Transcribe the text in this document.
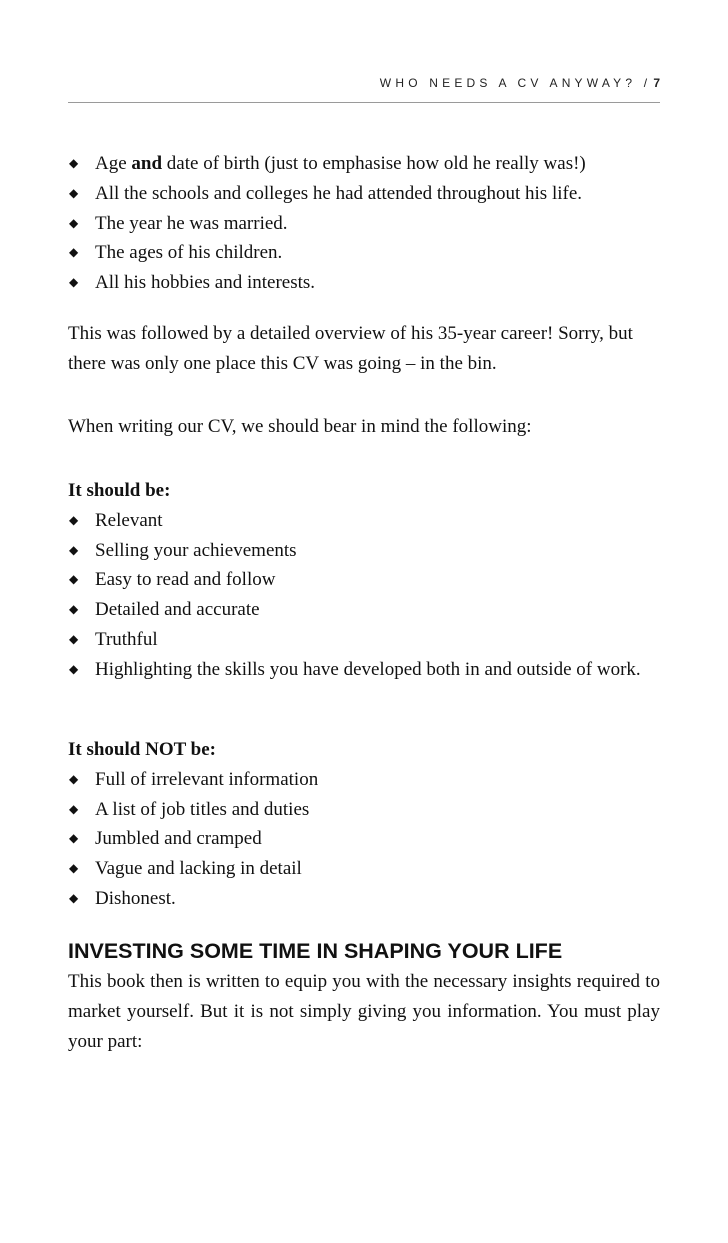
WHO NEEDS A CV ANYWAY? / 7
◆ Age and date of birth (just to emphasise how old he really was!)
◆ All the schools and colleges he had attended throughout his life.
◆ The year he was married.
◆ The ages of his children.
◆ All his hobbies and interests.
This was followed by a detailed overview of his 35-year career! Sorry, but there was only one place this CV was going – in the bin.
When writing our CV, we should bear in mind the following:
It should be:
◆ Relevant
◆ Selling your achievements
◆ Easy to read and follow
◆ Detailed and accurate
◆ Truthful
◆ Highlighting the skills you have developed both in and outside of work.
It should NOT be:
◆ Full of irrelevant information
◆ A list of job titles and duties
◆ Jumbled and cramped
◆ Vague and lacking in detail
◆ Dishonest.
INVESTING SOME TIME IN SHAPING YOUR LIFE
This book then is written to equip you with the necessary insights required to market yourself. But it is not simply giving you information. You must play your part:
